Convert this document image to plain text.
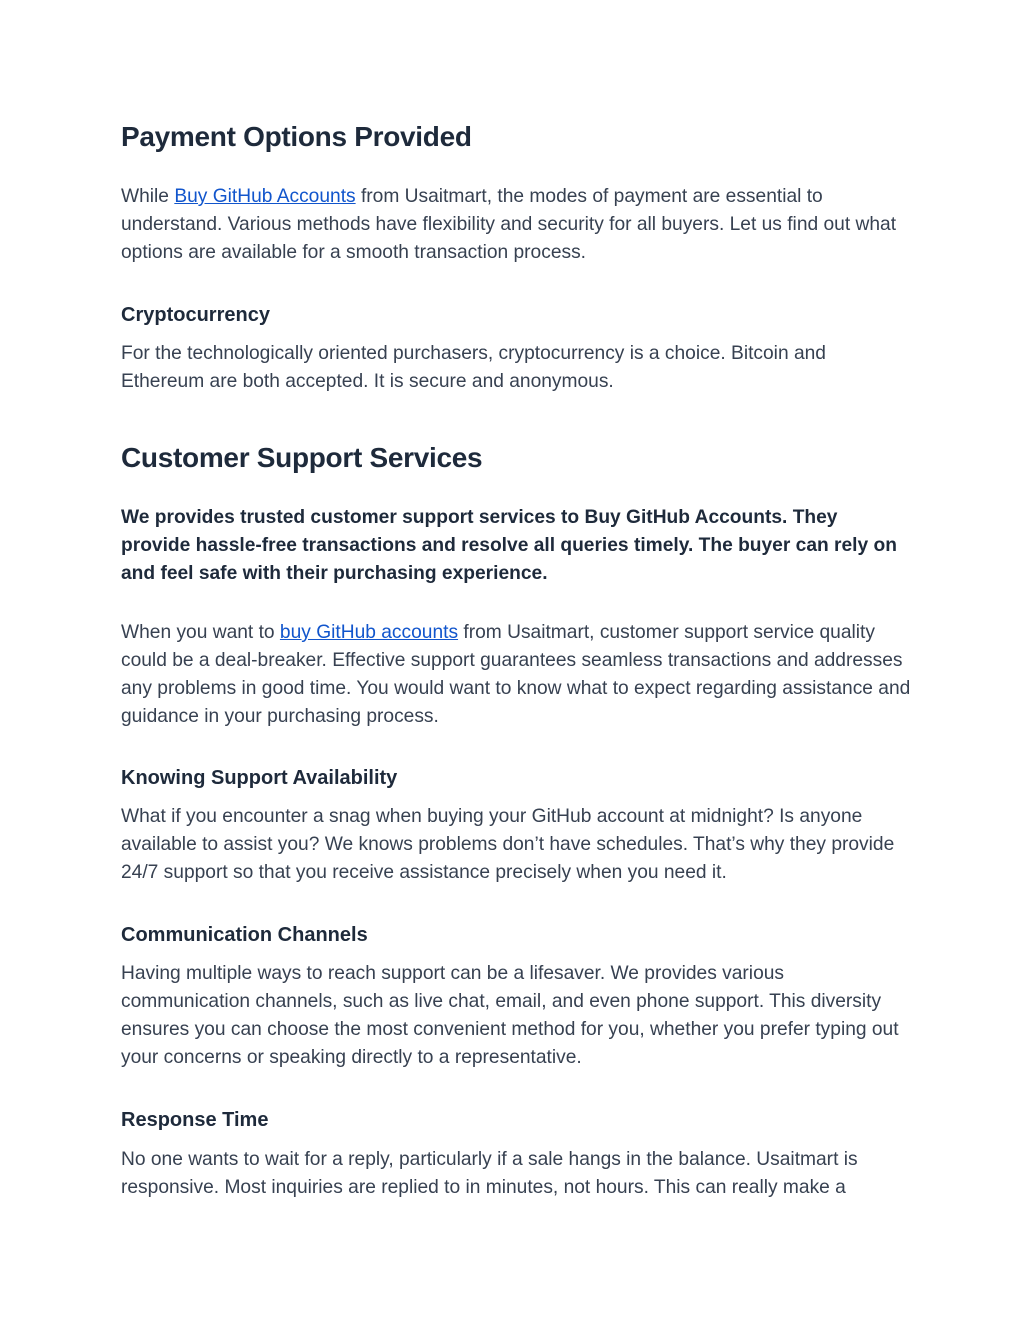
Payment Options Provided

While Buy GitHub Accounts from Usaitmart, the modes of payment are essential to understand. Various methods have flexibility and security for all buyers. Let us find out what options are available for a smooth transaction process.

Cryptocurrency

For the technologically oriented purchasers, cryptocurrency is a choice. Bitcoin and Ethereum are both accepted. It is secure and anonymous.

Customer Support Services

We provides trusted customer support services to Buy GitHub Accounts. They provide hassle-free transactions and resolve all queries timely. The buyer can rely on and feel safe with their purchasing experience.

When you want to buy GitHub accounts from Usaitmart, customer support service quality could be a deal-breaker. Effective support guarantees seamless transactions and addresses any problems in good time. You would want to know what to expect regarding assistance and guidance in your purchasing process.

Knowing Support Availability

What if you encounter a snag when buying your GitHub account at midnight? Is anyone available to assist you? We knows problems don’t have schedules. That’s why they provide 24/7 support so that you receive assistance precisely when you need it.

Communication Channels

Having multiple ways to reach support can be a lifesaver. We provides various communication channels, such as live chat, email, and even phone support. This diversity ensures you can choose the most convenient method for you, whether you prefer typing out your concerns or speaking directly to a representative.

Response Time

No one wants to wait for a reply, particularly if a sale hangs in the balance. Usaitmart is responsive. Most inquiries are replied to in minutes, not hours. This can really make a
